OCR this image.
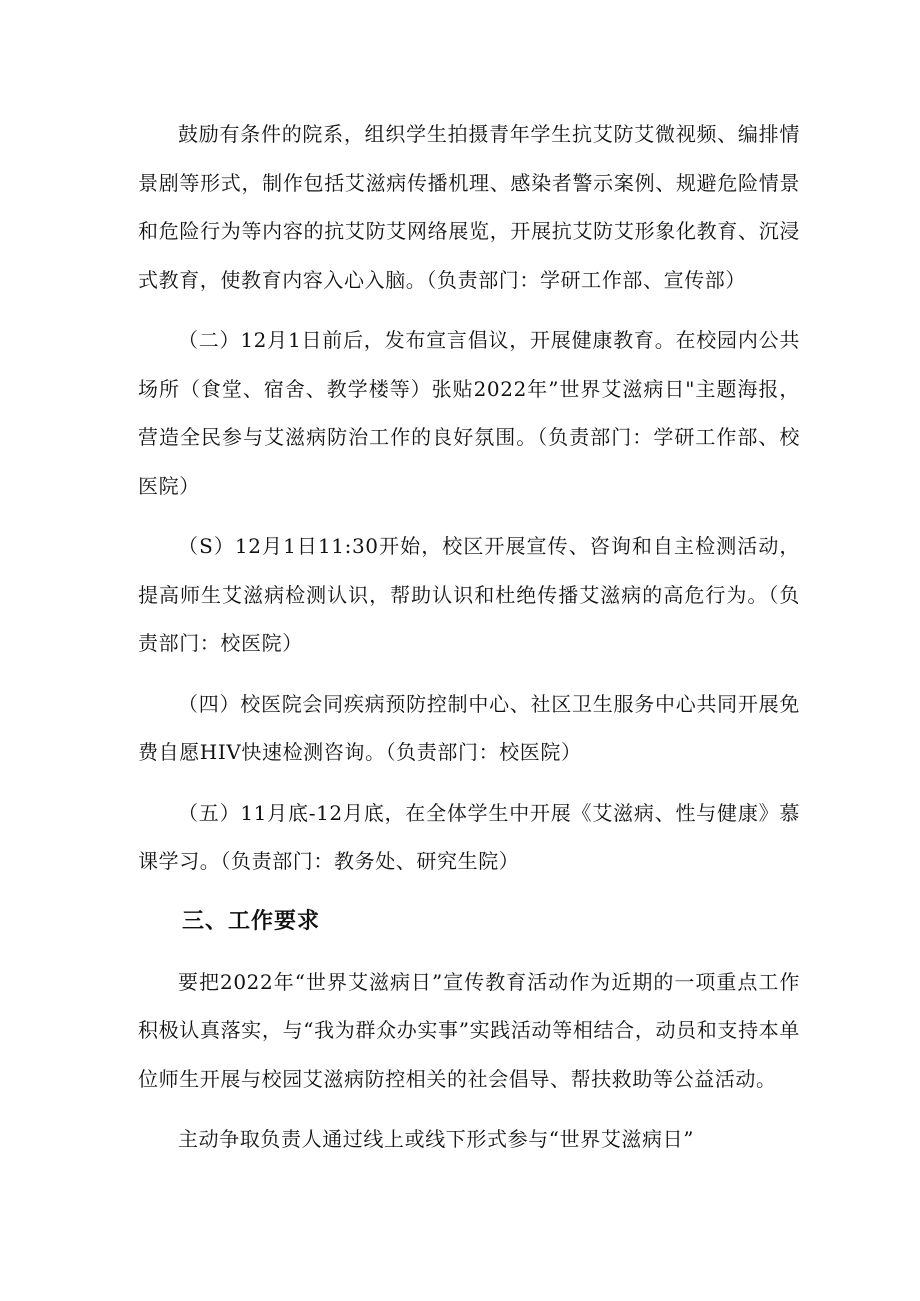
鼓励有条件的院系，组织学生拍摄青年学生抗艾防艾微视频、编排情景剧等形式，制作包括艾滋病传播机理、感染者警示案例、规避危险情景和危险行为等内容的抗艾防艾网络展览，开展抗艾防艾形象化教育、沉浸式教育，使教育内容入心入脑。（负责部门：学研工作部、宣传部）

（二）12月1日前后，发布宣言倡议，开展健康教育。在校园内公共场所（食堂、宿舍、教学楼等）张贴2022年”世界艾滋病日"主题海报，营造全民参与艾滋病防治工作的良好氛围。（负责部门：学研工作部、校医院）

（S）12月1日11:30开始，校区开展宣传、咨询和自主检测活动，提高师生艾滋病检测认识，帮助认识和杜绝传播艾滋病的高危行为。（负责部门：校医院）

（四）校医院会同疾病预防控制中心、社区卫生服务中心共同开展免费自愿HIV快速检测咨询。（负责部门：校医院）

（五）11月底-12月底，在全体学生中开展《艾滋病、性与健康》慕课学习。（负责部门：教务处、研究生院）

三、工作要求

要把2022年“世界艾滋病日”宣传教育活动作为近期的一项重点工作积极认真落实，与“我为群众办实事”实践活动等相结合，动员和支持本单位师生开展与校园艾滋病防控相关的社会倡导、帮扶救助等公益活动。

主动争取负责人通过线上或线下形式参与“世界艾滋病日”
